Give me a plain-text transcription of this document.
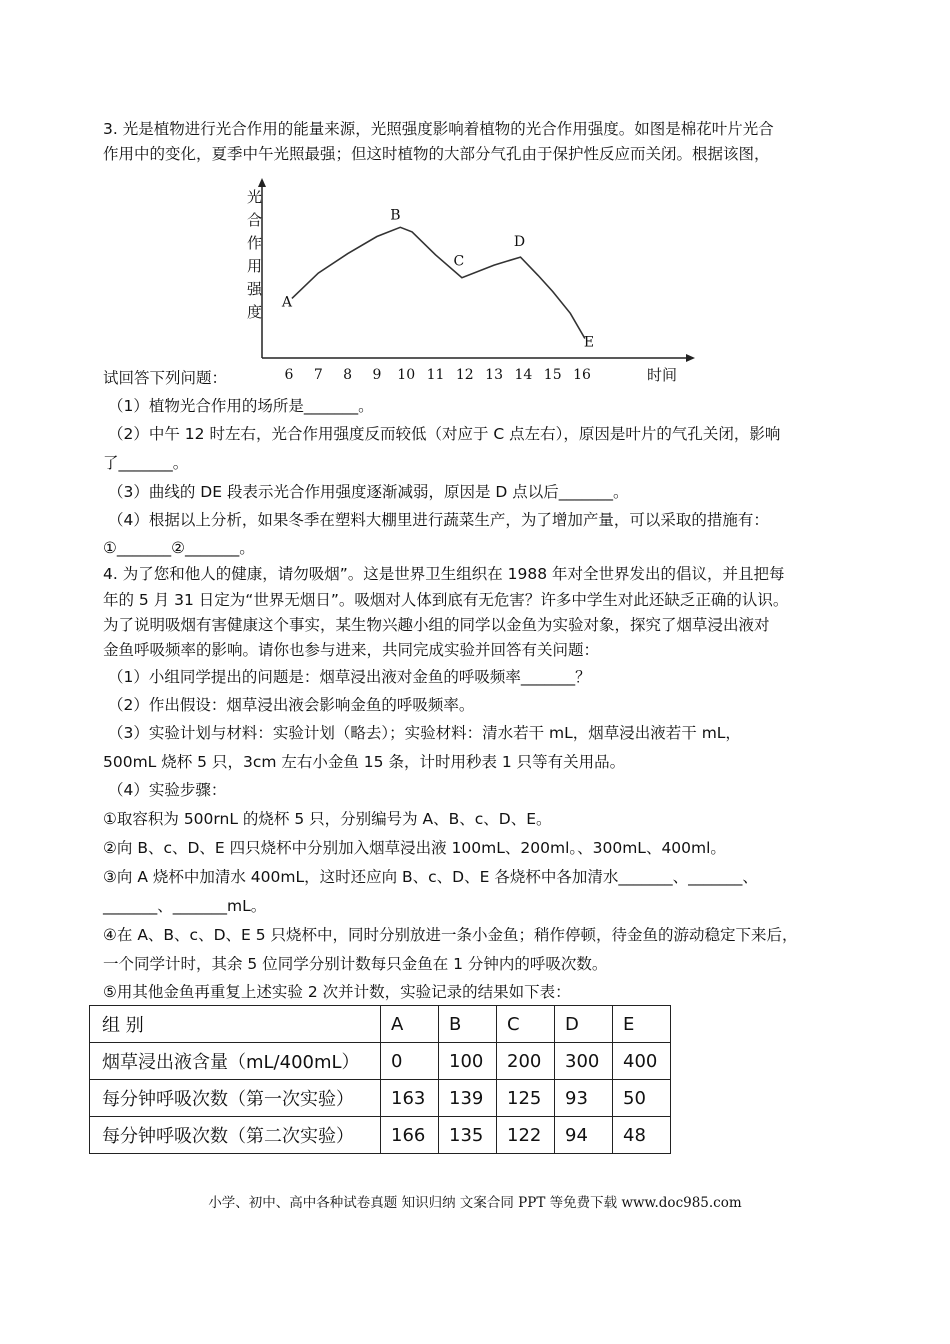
3. 光是植物进行光合作用的能量来源，光照强度影响着植物的光合作用强度。如图是棉花叶片光合
作用中的变化，夏季中午光照最强；但这时植物的大部分气孔由于保护性反应而关闭。根据该图，
光
合
作
用
强
度
6 7 8 9 10 11 12 13 14 15 16	时间
A
B
C
D
E
试回答下列问题：
（1）植物光合作用的场所是_______。
（2）中午 12 时左右，光合作用强度反而较低（对应于 C 点左右），原因是叶片的气孔关闭，影响
了_______。
（3）曲线的 DE 段表示光合作用强度逐渐减弱，原因是 D 点以后_______。
（4）根据以上分析，如果冬季在塑料大棚里进行蔬菜生产，为了增加产量，可以采取的措施有：
①_______②_______。
4. 为了您和他人的健康，请勿吸烟”。这是世界卫生组织在 1988 年对全世界发出的倡议，并且把每
年的 5 月 31 日定为“世界无烟日”。吸烟对人体到底有无危害？许多中学生对此还缺乏正确的认识。
为了说明吸烟有害健康这个事实，某生物兴趣小组的同学以金鱼为实验对象，探究了烟草浸出液对
金鱼呼吸频率的影响。请你也参与进来，共同完成实验并回答有关问题：
（1）小组同学提出的问题是：烟草浸出液对金鱼的呼吸频率_______？
（2）作出假设：烟草浸出液会影响金鱼的呼吸频率。
（3）实验计划与材料：实验计划（略去）；实验材料：清水若干 mL，烟草浸出液若干 mL，
500mL 烧杯 5 只，3cm 左右小金鱼 15 条，计时用秒表 1 只等有关用品。
（4）实验步骤：
①取容积为 500rnL 的烧杯 5 只，分别编号为 A、B、c、D、E。
②向 B、c、D、E 四只烧杯中分别加入烟草浸出液 100mL、200ml。、300mL、400ml。
③向 A 烧杯中加清水 400mL，这时还应向 B、c、D、E 各烧杯中各加清水_______、_______、
_______、_______mL。
④在 A、B、c、D、E 5 只烧杯中，同时分别放进一条小金鱼；稍作停顿，待金鱼的游动稳定下来后，
一个同学计时，其余 5 位同学分别计数每只金鱼在 1 分钟内的呼吸次数。
⑤用其他金鱼再重复上述实验 2 次并计数，实验记录的结果如下表：
组 别	A	B	C	D	E
烟草浸出液含量（mL/400mL）	0	100	200	300	400
每分钟呼吸次数（第一次实验）	163	139	125	93	50
每分钟呼吸次数（第二次实验）	166	135	122	94	48
小学、初中、高中各种试卷真题 知识归纳 文案合同 PPT 等免费下载 www.doc985.com
